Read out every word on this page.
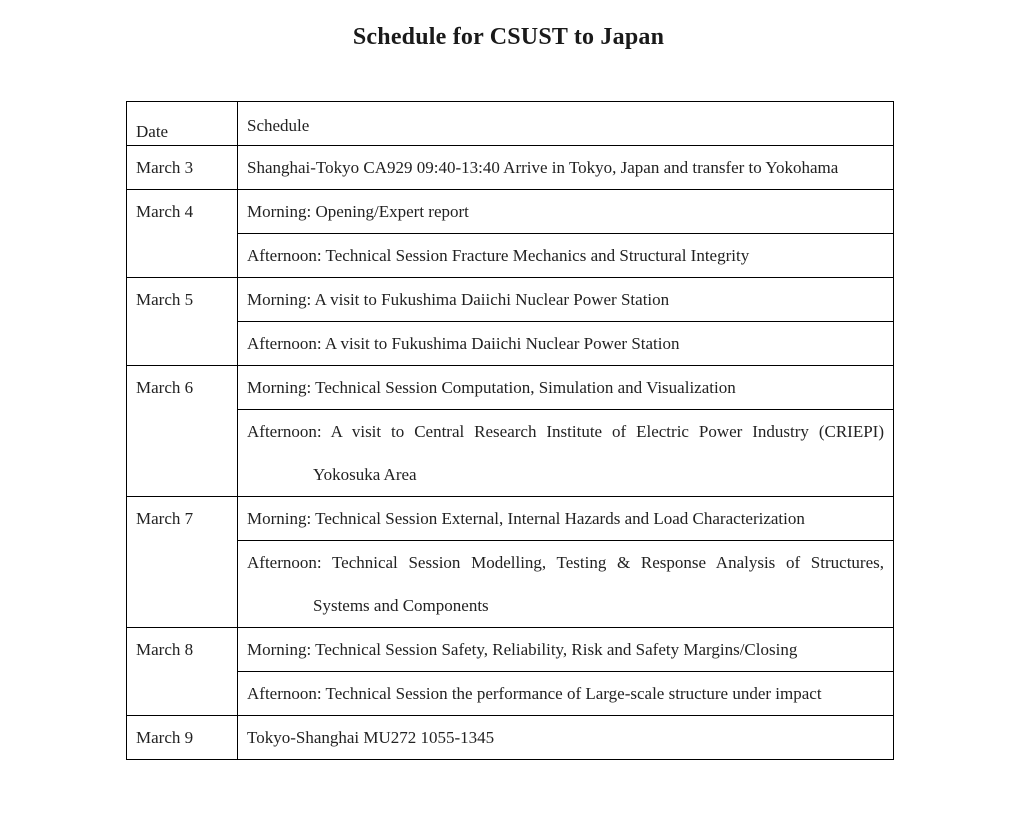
Schedule for CSUST to Japan
Date	Schedule

March 3	Shanghai-Tokyo CA929 09:40-13:40 Arrive in Tokyo, Japan and transfer to Yokohama

March 4	Morning: Opening/Expert report
	Afternoon: Technical Session Fracture Mechanics and Structural Integrity

March 5	Morning: A visit to Fukushima Daiichi Nuclear Power Station
	Afternoon: A visit to Fukushima Daiichi Nuclear Power Station

March 6	Morning: Technical Session Computation, Simulation and Visualization

	Afternoon: A visit to Central Research Institute of Electric Power Industry (CRIEPI) Yokosuka Area

March 7	Morning: Technical Session External, Internal Hazards and Load Characterization

	Afternoon: Technical Session Modelling, Testing & Response Analysis of Structures, Systems and Components

March 8	Morning: Technical Session Safety, Reliability, Risk and Safety Margins/Closing
	Afternoon: Technical Session the performance of Large-scale structure under impact

March 9	Tokyo-Shanghai MU272 1055-1345
